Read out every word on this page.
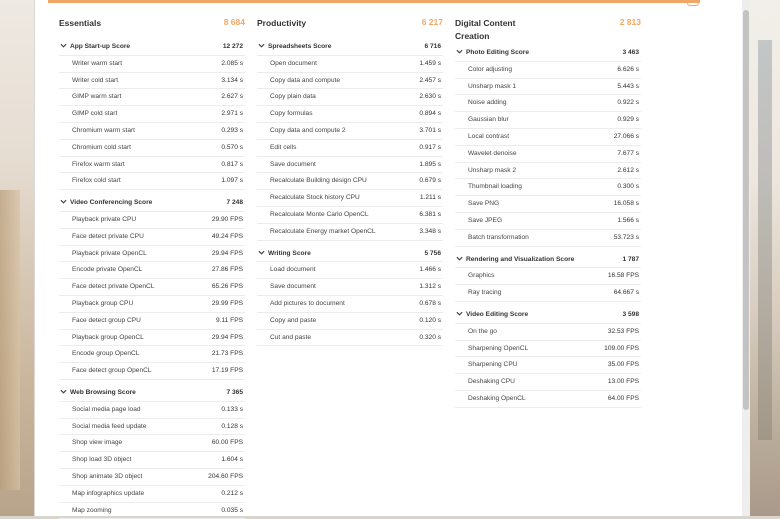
Essentials	8 684
App Start-up Score	12 272
Writer warm start	2.085 s
Writer cold start	3.134 s
GIMP warm start	2.627 s
GIMP cold start	2.971 s
Chromium warm start	0.293 s
Chromium cold start	0.570 s
Firefox warm start	0.817 s
Firefox cold start	1.097 s
Video Conferencing Score	7 248
Playback private CPU	29.90 FPS
Face detect private CPU	49.24 FPS
Playback private OpenCL	29.94 FPS
Encode private OpenCL	27.86 FPS
Face detect private OpenCL	65.26 FPS
Playback group CPU	29.99 FPS
Face detect group CPU	9.11 FPS
Playback group OpenCL	29.94 FPS
Encode group OpenCL	21.73 FPS
Face detect group OpenCL	17.19 FPS
Web Browsing Score	7 365
Social media page load	0.133 s
Social media feed update	0.128 s
Shop view image	60.00 FPS
Shop load 3D object	1.604 s
Shop animate 3D object	204.60 FPS
Map infographics update	0.212 s
Map zooming	0.035 s
Productivity	6 217
Spreadsheets Score	6 716
Open document	1.459 s
Copy data and compute	2.457 s
Copy plain data	2.630 s
Copy formulas	0.894 s
Copy data and compute 2	3.701 s
Edit cells	0.917 s
Save document	1.895 s
Recalculate Building design CPU	0.679 s
Recalculate Stock history CPU	1.211 s
Recalculate Monte Carlo OpenCL	6.381 s
Recalculate Energy market OpenCL	3.348 s
Writing Score	5 756
Load document	1.466 s
Save document	1.312 s
Add pictures to document	0.678 s
Copy and paste	0.120 s
Cut and paste	0.320 s
Digital Content Creation
2 813
Photo Editing Score	3 463
Color adjusting	6.626 s
Unsharp mask 1	5.443 s
Noise adding	0.922 s
Gaussian blur	0.929 s
Local contrast	27.066 s
Wavelet denoise	7.677 s
Unsharp mask 2	2.612 s
Thumbnail loading	0.300 s
Save PNG	16.058 s
Save JPEG	1.566 s
Batch transformation	53.723 s
Rendering and Visualization Score	1 787
Graphics	16.58 FPS
Ray tracing	64.667 s
Video Editing Score	3 598
On the go	32.53 FPS
Sharpening OpenCL	109.00 FPS
Sharpening CPU	35.00 FPS
Deshaking CPU	13.00 FPS
Deshaking OpenCL	64.00 FPS
